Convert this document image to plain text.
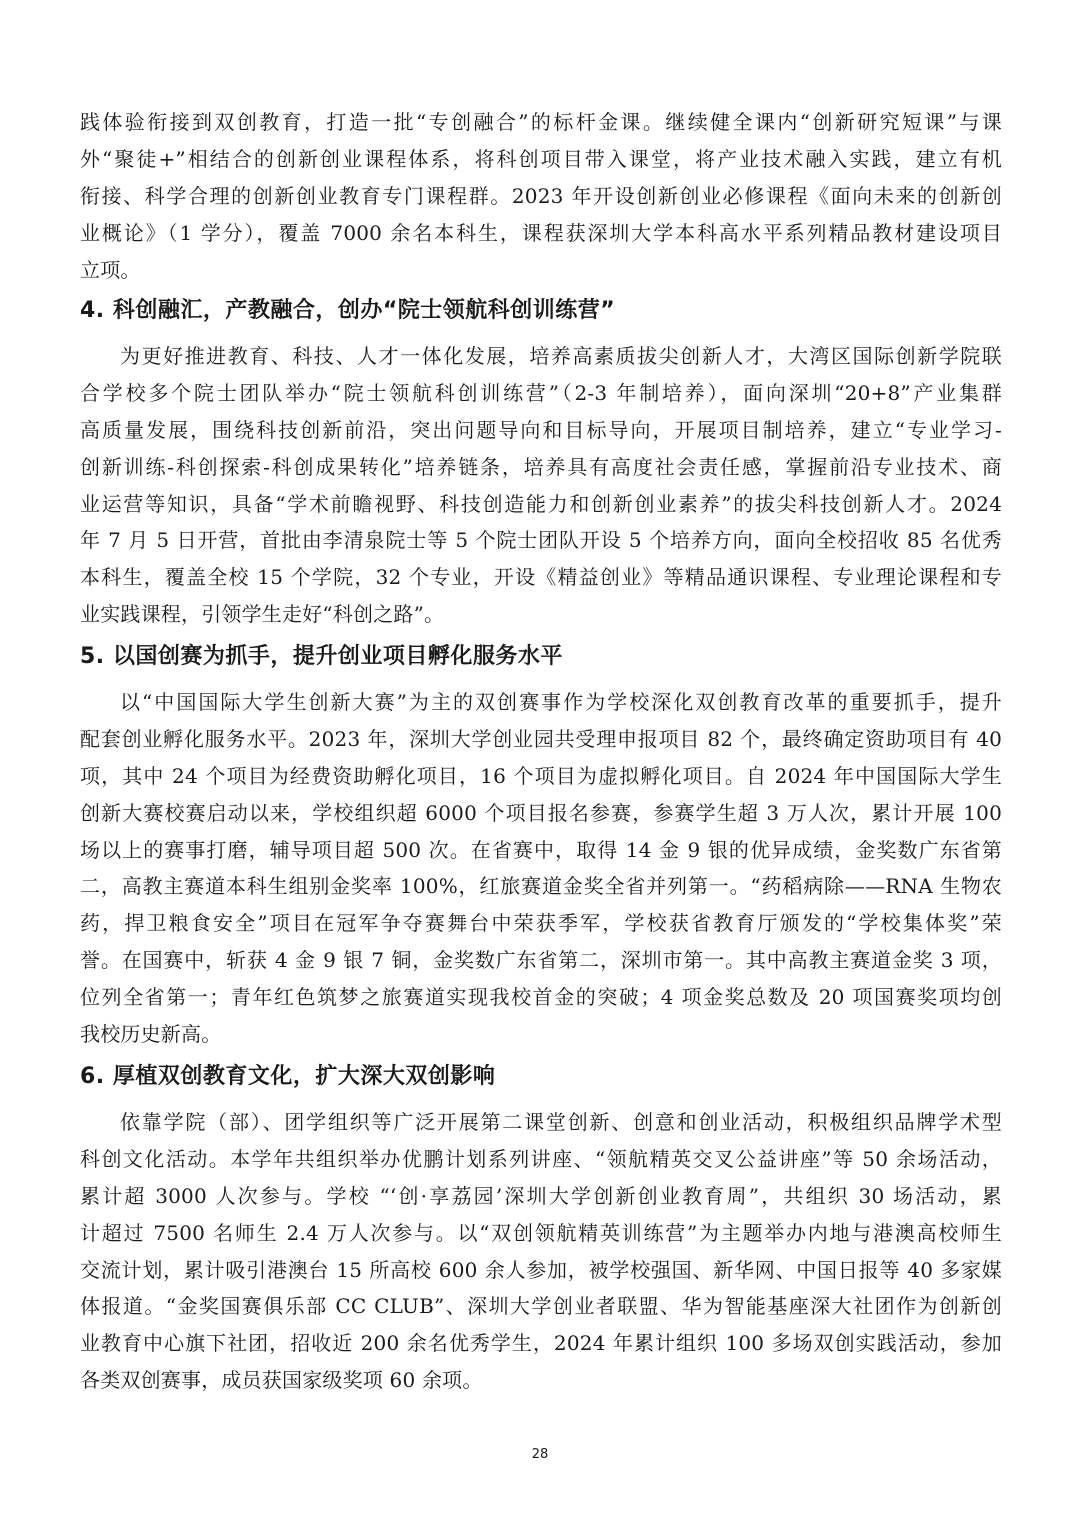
践体验衔接到双创教育，打造一批“专创融合”的标杆金课。继续健全课内“创新研究短课”与课
外“聚徒+”相结合的创新创业课程体系，将科创项目带入课堂，将产业技术融入实践，建立有机
衔接、科学合理的创新创业教育专门课程群。2023 年开设创新创业必修课程《面向未来的创新创
业概论》（1 学分），覆盖 7000 余名本科生，课程获深圳大学本科高水平系列精品教材建设项目
立项。
4. 科创融汇，产教融合，创办“院士领航科创训练营”
为更好推进教育、科技、人才一体化发展，培养高素质拔尖创新人才，大湾区国际创新学院联
合学校多个院士团队举办“院士领航科创训练营”（2-3 年制培养），面向深圳“20+8”产业集群
高质量发展，围绕科技创新前沿，突出问题导向和目标导向，开展项目制培养，建立“专业学习-
创新训练-科创探索-科创成果转化”培养链条，培养具有高度社会责任感，掌握前沿专业技术、商
业运营等知识，具备“学术前瞻视野、科技创造能力和创新创业素养”的拔尖科技创新人才。2024
年 7 月 5 日开营，首批由李清泉院士等 5 个院士团队开设 5 个培养方向，面向全校招收 85 名优秀
本科生，覆盖全校 15 个学院，32 个专业，开设《精益创业》等精品通识课程、专业理论课程和专
业实践课程，引领学生走好“科创之路”。
5. 以国创赛为抓手，提升创业项目孵化服务水平
以“中国国际大学生创新大赛”为主的双创赛事作为学校深化双创教育改革的重要抓手，提升
配套创业孵化服务水平。2023 年，深圳大学创业园共受理申报项目 82 个，最终确定资助项目有 40
项，其中 24 个项目为经费资助孵化项目，16 个项目为虚拟孵化项目。自 2024 年中国国际大学生
创新大赛校赛启动以来，学校组织超 6000 个项目报名参赛，参赛学生超 3 万人次，累计开展 100
场以上的赛事打磨，辅导项目超 500 次。在省赛中，取得 14 金 9 银的优异成绩，金奖数广东省第
二，高教主赛道本科生组别金奖率 100%，红旅赛道金奖全省并列第一。“药稻病除——RNA 生物农
药，捍卫粮食安全”项目在冠军争夺赛舞台中荣获季军，学校获省教育厅颁发的“学校集体奖”荣
誉。在国赛中，斩获 4 金 9 银 7 铜，金奖数广东省第二，深圳市第一。其中高教主赛道金奖 3 项，
位列全省第一；青年红色筑梦之旅赛道实现我校首金的突破；4 项金奖总数及 20 项国赛奖项均创
我校历史新高。
6. 厚植双创教育文化，扩大深大双创影响
依靠学院（部）、团学组织等广泛开展第二课堂创新、创意和创业活动，积极组织品牌学术型
科创文化活动。本学年共组织举办优鹏计划系列讲座、“领航精英交叉公益讲座”等 50 余场活动，
累计超 3000 人次参与。学校 “‘创·享荔园’深圳大学创新创业教育周”，共组织 30 场活动，累
计超过 7500 名师生 2.4 万人次参与。以“双创领航精英训练营”为主题举办内地与港澳高校师生
交流计划，累计吸引港澳台 15 所高校 600 余人参加，被学校强国、新华网、中国日报等 40 多家媒
体报道。“金奖国赛俱乐部 CC CLUB”、深圳大学创业者联盟、华为智能基座深大社团作为创新创
业教育中心旗下社团，招收近 200 余名优秀学生，2024 年累计组织 100 多场双创实践活动，参加
各类双创赛事，成员获国家级奖项 60 余项。
28
